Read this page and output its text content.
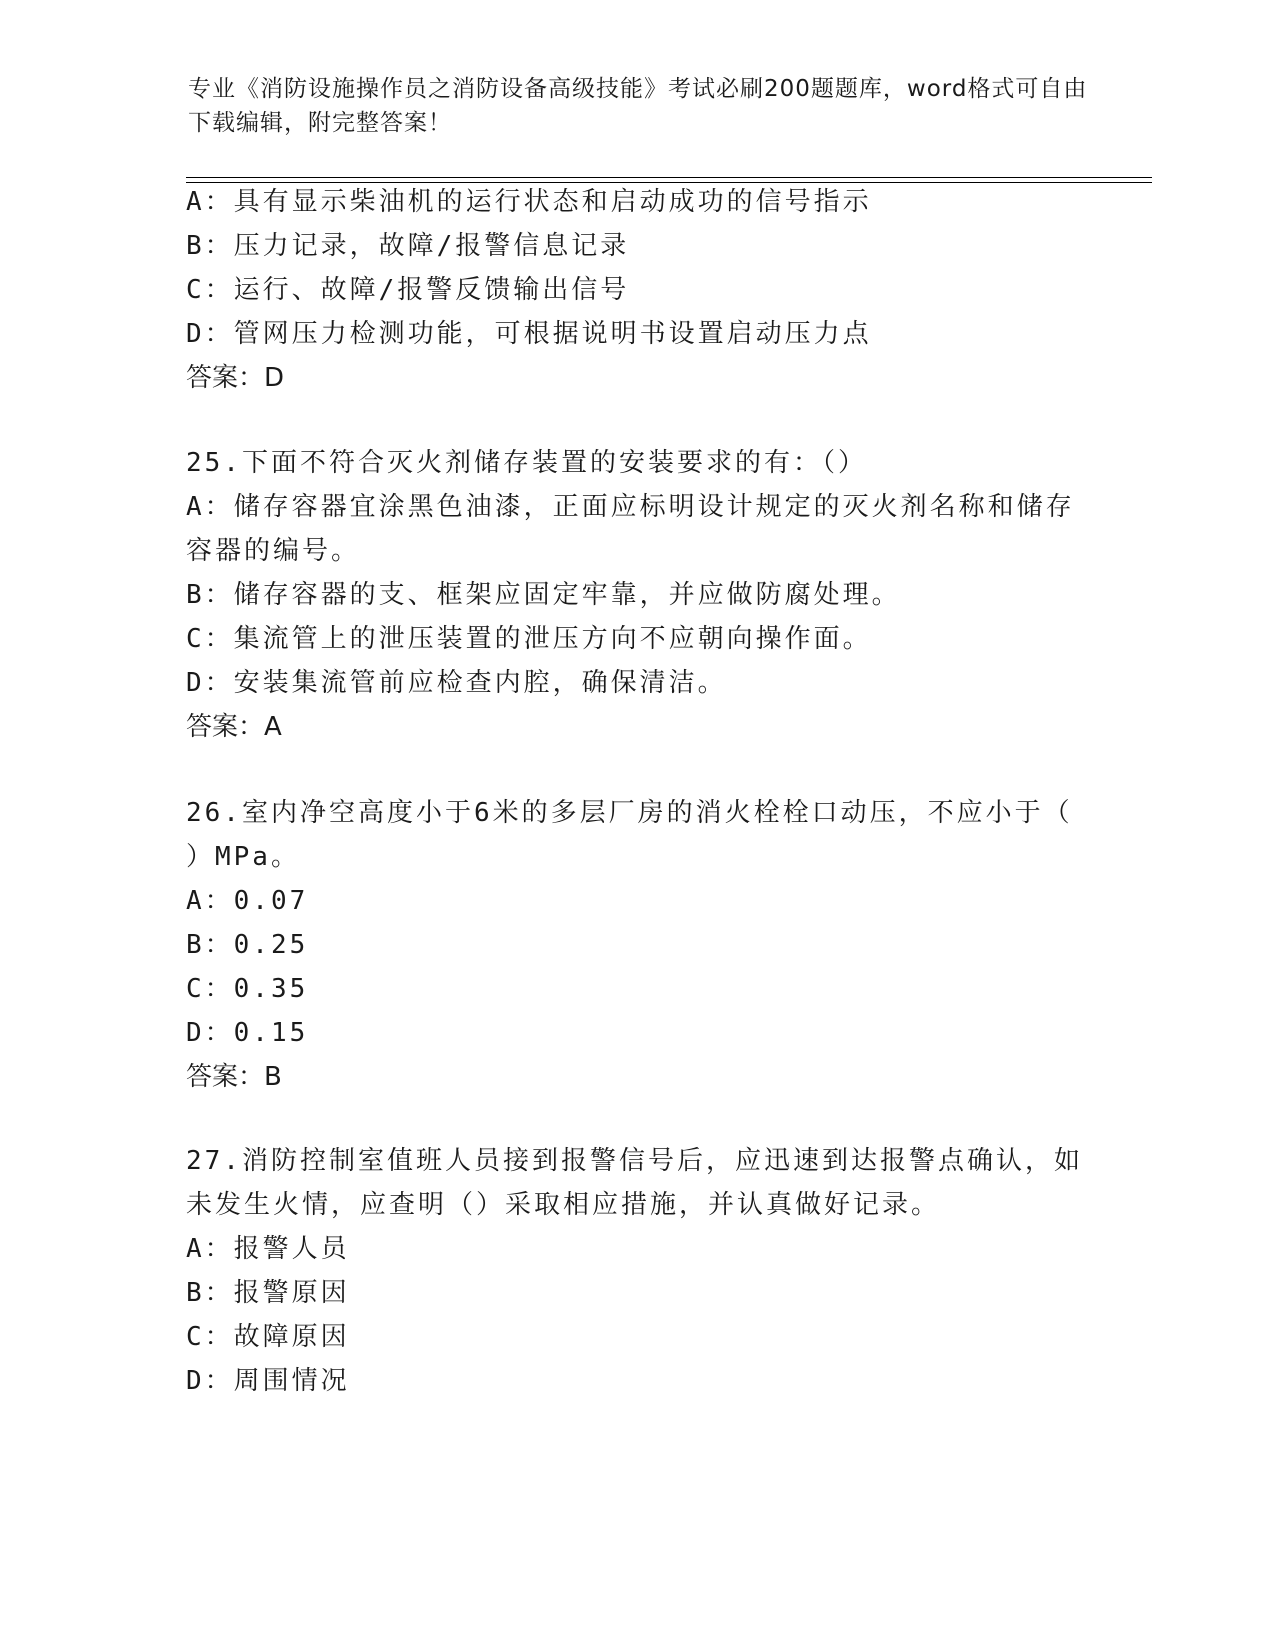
专业《消防设施操作员之消防设备高级技能》考试必刷200题题库，word格式可自由下载编辑，附完整答案！
A：具有显示柴油机的运行状态和启动成功的信号指示
B：压力记录，故障/报警信息记录
C：运行、故障/报警反馈输出信号
D：管网压力检测功能，可根据说明书设置启动压力点
答案：D
25.下面不符合灭火剂储存装置的安装要求的有：（）
A：储存容器宜涂黑色油漆，正面应标明设计规定的灭火剂名称和储存
容器的编号。
B：储存容器的支、框架应固定牢靠，并应做防腐处理。
C：集流管上的泄压装置的泄压方向不应朝向操作面。
D：安装集流管前应检查内腔，确保清洁。
答案：A
26.室内净空高度小于6米的多层厂房的消火栓栓口动压，不应小于（
）MPa。
A：0.07
B：0.25
C：0.35
D：0.15
答案：B
27.消防控制室值班人员接到报警信号后，应迅速到达报警点确认，如
未发生火情，应查明（）采取相应措施，并认真做好记录。
A：报警人员
B：报警原因
C：故障原因
D：周围情况
